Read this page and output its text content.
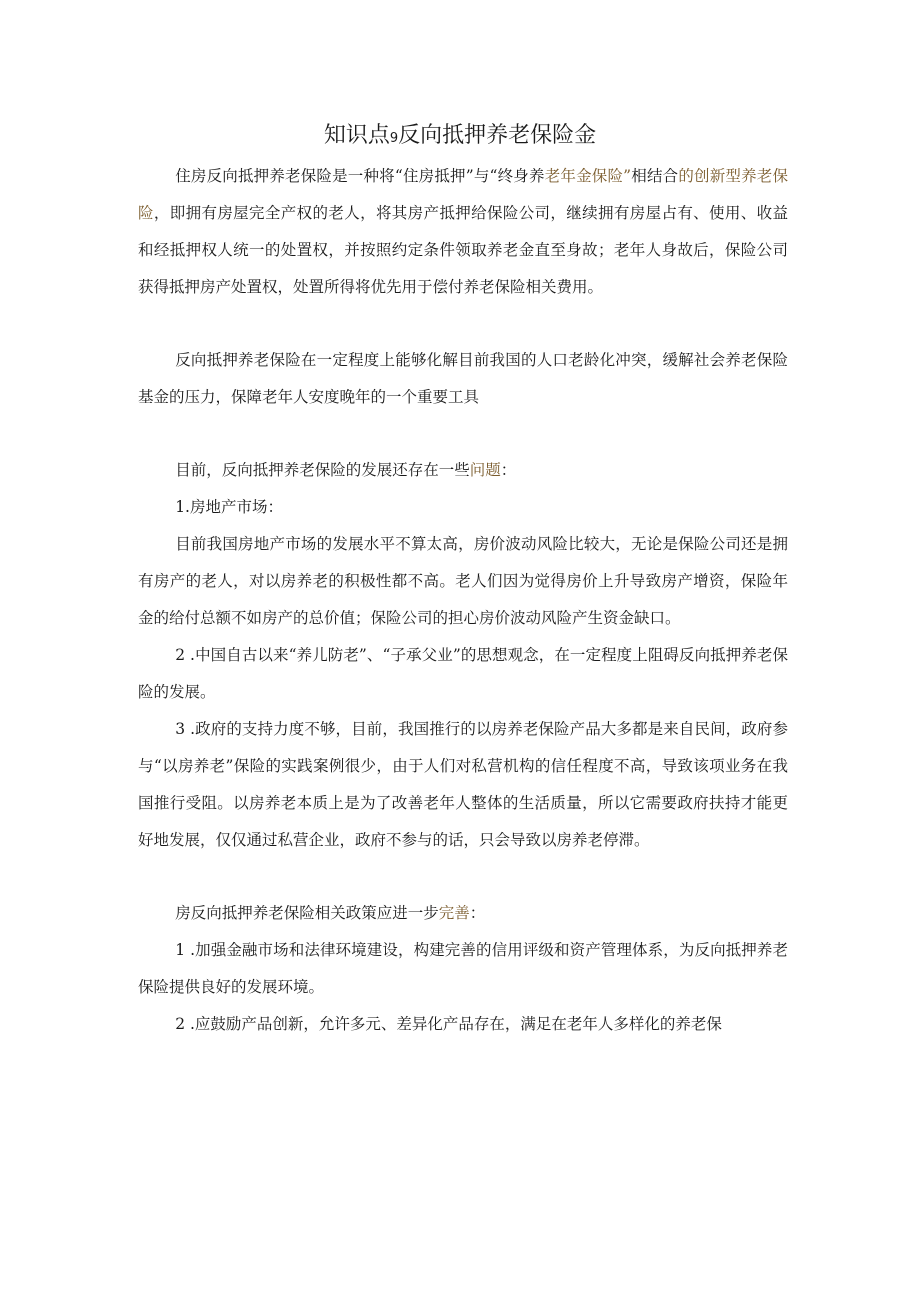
知识点9反向抵押养老保险金

住房反向抵押养老保险是一种将“住房抵押”与“终身养老年金保险”相结合的创新型养老保险，即拥有房屋完全产权的老人，将其房产抵押给保险公司，继续拥有房屋占有、使用、收益和经抵押权人统一的处置权，并按照约定条件领取养老金直至身故；老年人身故后，保险公司获得抵押房产处置权，处置所得将优先用于偿付养老保险相关费用。

反向抵押养老保险在一定程度上能够化解目前我国的人口老龄化冲突，缓解社会养老保险基金的压力，保障老年人安度晚年的一个重要工具

目前，反向抵押养老保险的发展还存在一些问题：

1.房地产市场：

目前我国房地产市场的发展水平不算太高，房价波动风险比较大，无论是保险公司还是拥有房产的老人，对以房养老的积极性都不高。老人们因为觉得房价上升导致房产增资，保险年金的给付总额不如房产的总价值；保险公司的担心房价波动风险产生资金缺口。

2 .中国自古以来“养儿防老”、“子承父业”的思想观念，在一定程度上阻碍反向抵押养老保险的发展。

3 .政府的支持力度不够，目前，我国推行的以房养老保险产品大多都是来自民间，政府参与“以房养老”保险的实践案例很少，由于人们对私营机构的信任程度不高，导致该项业务在我国推行受阻。以房养老本质上是为了改善老年人整体的生活质量，所以它需要政府扶持才能更好地发展，仅仅通过私营企业，政府不参与的话，只会导致以房养老停滞。

房反向抵押养老保险相关政策应进一步完善：

1 .加强金融市场和法律环境建设，构建完善的信用评级和资产管理体系，为反向抵押养老保险提供良好的发展环境。

2 .应鼓励产品创新，允许多元、差异化产品存在，满足在老年人多样化的养老保
